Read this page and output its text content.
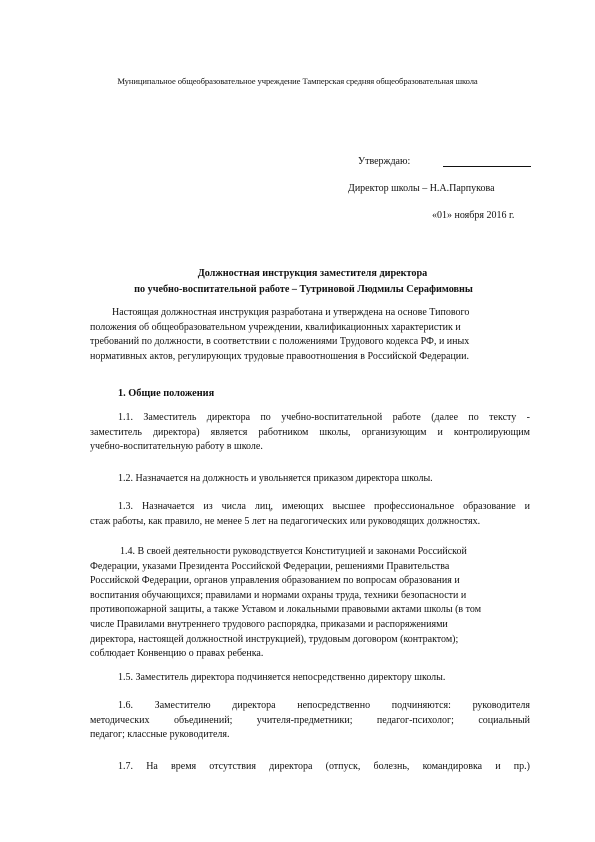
Муниципальное общеобразовательное учреждение Тамперская средняя общеобразовательная школа
Утверждаю:
Директор школы – Н.А.Парпукова
«01» ноября 2016 г.
Должностная инструкция заместителя директора
по учебно-воспитательной работе – Тутриновой Людмилы Серафимовны
Настоящая должностная инструкция разработана и утверждена на основе Типового
положения об общеобразовательном учреждении, квалификационных характеристик и
требований по должности, в соответствии с положениями Трудового кодекса РФ, и иных
нормативных актов, регулирующих трудовые правоотношения в Российской Федерации.
1. Общие положения
1.1. Заместитель директора по учебно-воспитательной работе (далее по тексту -
заместитель директора) является работником школы, организующим и контролирующим
учебно-воспитательную работу в школе.
1.2. Назначается на должность и увольняется приказом директора школы.
1.3. Назначается из числа лиц, имеющих высшее профессиональное образование и
стаж работы, как правило, не менее 5 лет на педагогических или руководящих должностях.
1.4. В своей деятельности руководствуется Конституцией и законами Российской
Федерации, указами Президента Российской Федерации, решениями Правительства
Российской Федерации, органов управления образованием по вопросам образования и
воспитания обучающихся; правилами и нормами охраны труда, техники безопасности и
противопожарной защиты, а также Уставом и локальными правовыми актами школы (в том
числе Правилами внутреннего трудового распорядка, приказами и распоряжениями
директора, настоящей должностной инструкцией), трудовым договором (контрактом);
соблюдает Конвенцию о правах ребенка.
1.5. Заместитель директора подчиняется непосредственно директору школы.
1.6. Заместителю директора непосредственно подчиняются: руководителя
методических объединений; учителя-предметники; педагог-психолог; социальный
педагог; классные руководителя.
1.7. На время отсутствия директора (отпуск, болезнь, командировка и пр.)
